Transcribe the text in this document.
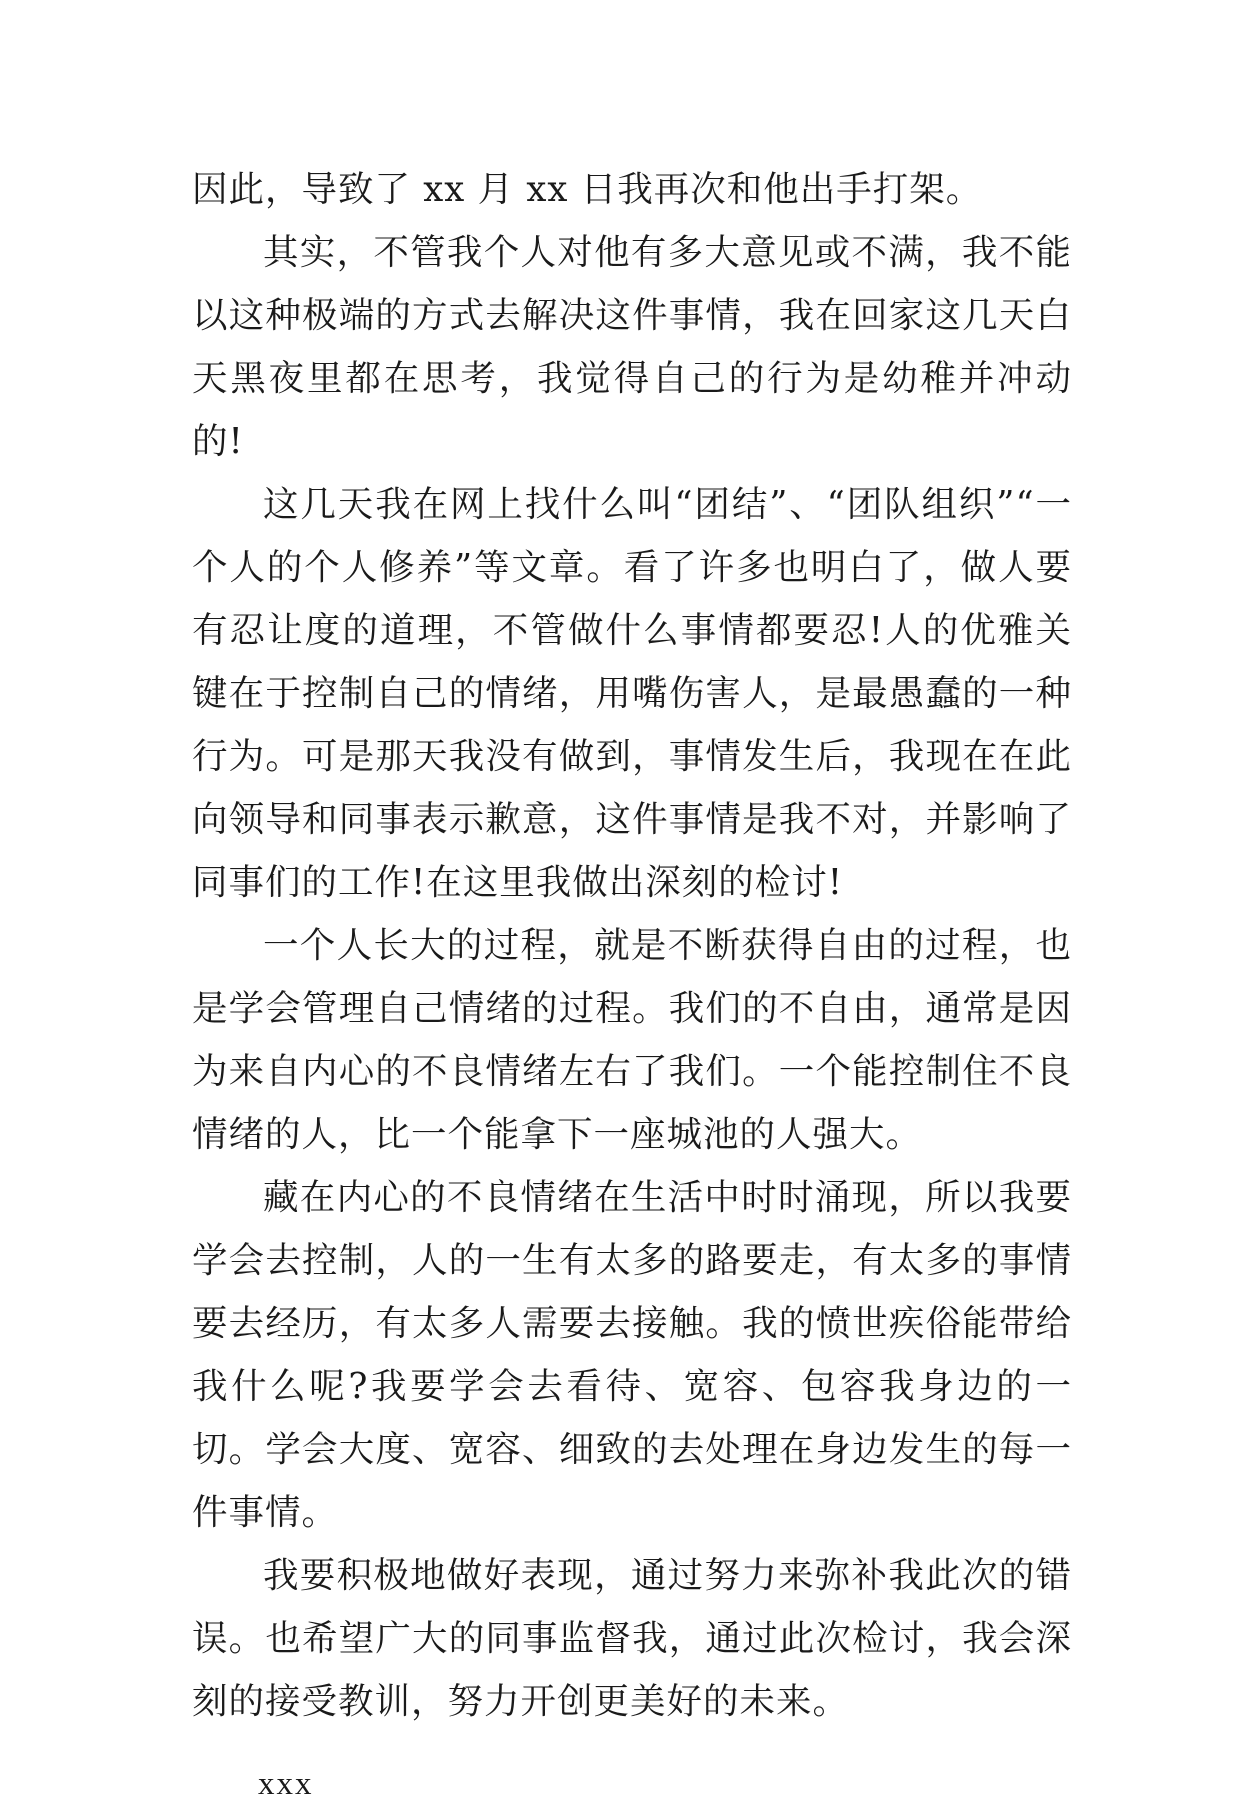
因此，导致了 xx 月 xx 日我再次和他出手打架。

其实，不管我个人对他有多大意见或不满，我不能以这种极端的方式去解决这件事情，我在回家这几天白天黑夜里都在思考，我觉得自己的行为是幼稚并冲动的!

这几天我在网上找什么叫“团结”、“团队组织”“一个人的个人修养”等文章。看了许多也明白了，做人要有忍让度的道理，不管做什么事情都要忍!人的优雅关键在于控制自己的情绪，用嘴伤害人，是最愚蠢的一种行为。可是那天我没有做到，事情发生后，我现在在此向领导和同事表示歉意，这件事情是我不对，并影响了同事们的工作!在这里我做出深刻的检讨!

一个人长大的过程，就是不断获得自由的过程，也是学会管理自己情绪的过程。我们的不自由，通常是因为来自内心的不良情绪左右了我们。一个能控制住不良情绪的人，比一个能拿下一座城池的人强大。

藏在内心的不良情绪在生活中时时涌现，所以我要学会去控制，人的一生有太多的路要走，有太多的事情要去经历，有太多人需要去接触。我的愤世疾俗能带给我什么呢?我要学会去看待、宽容、包容我身边的一切。学会大度、宽容、细致的去处理在身边发生的每一件事情。

我要积极地做好表现，通过努力来弥补我此次的错误。也希望广大的同事监督我，通过此次检讨，我会深刻的接受教训，努力开创更美好的未来。

xxx
